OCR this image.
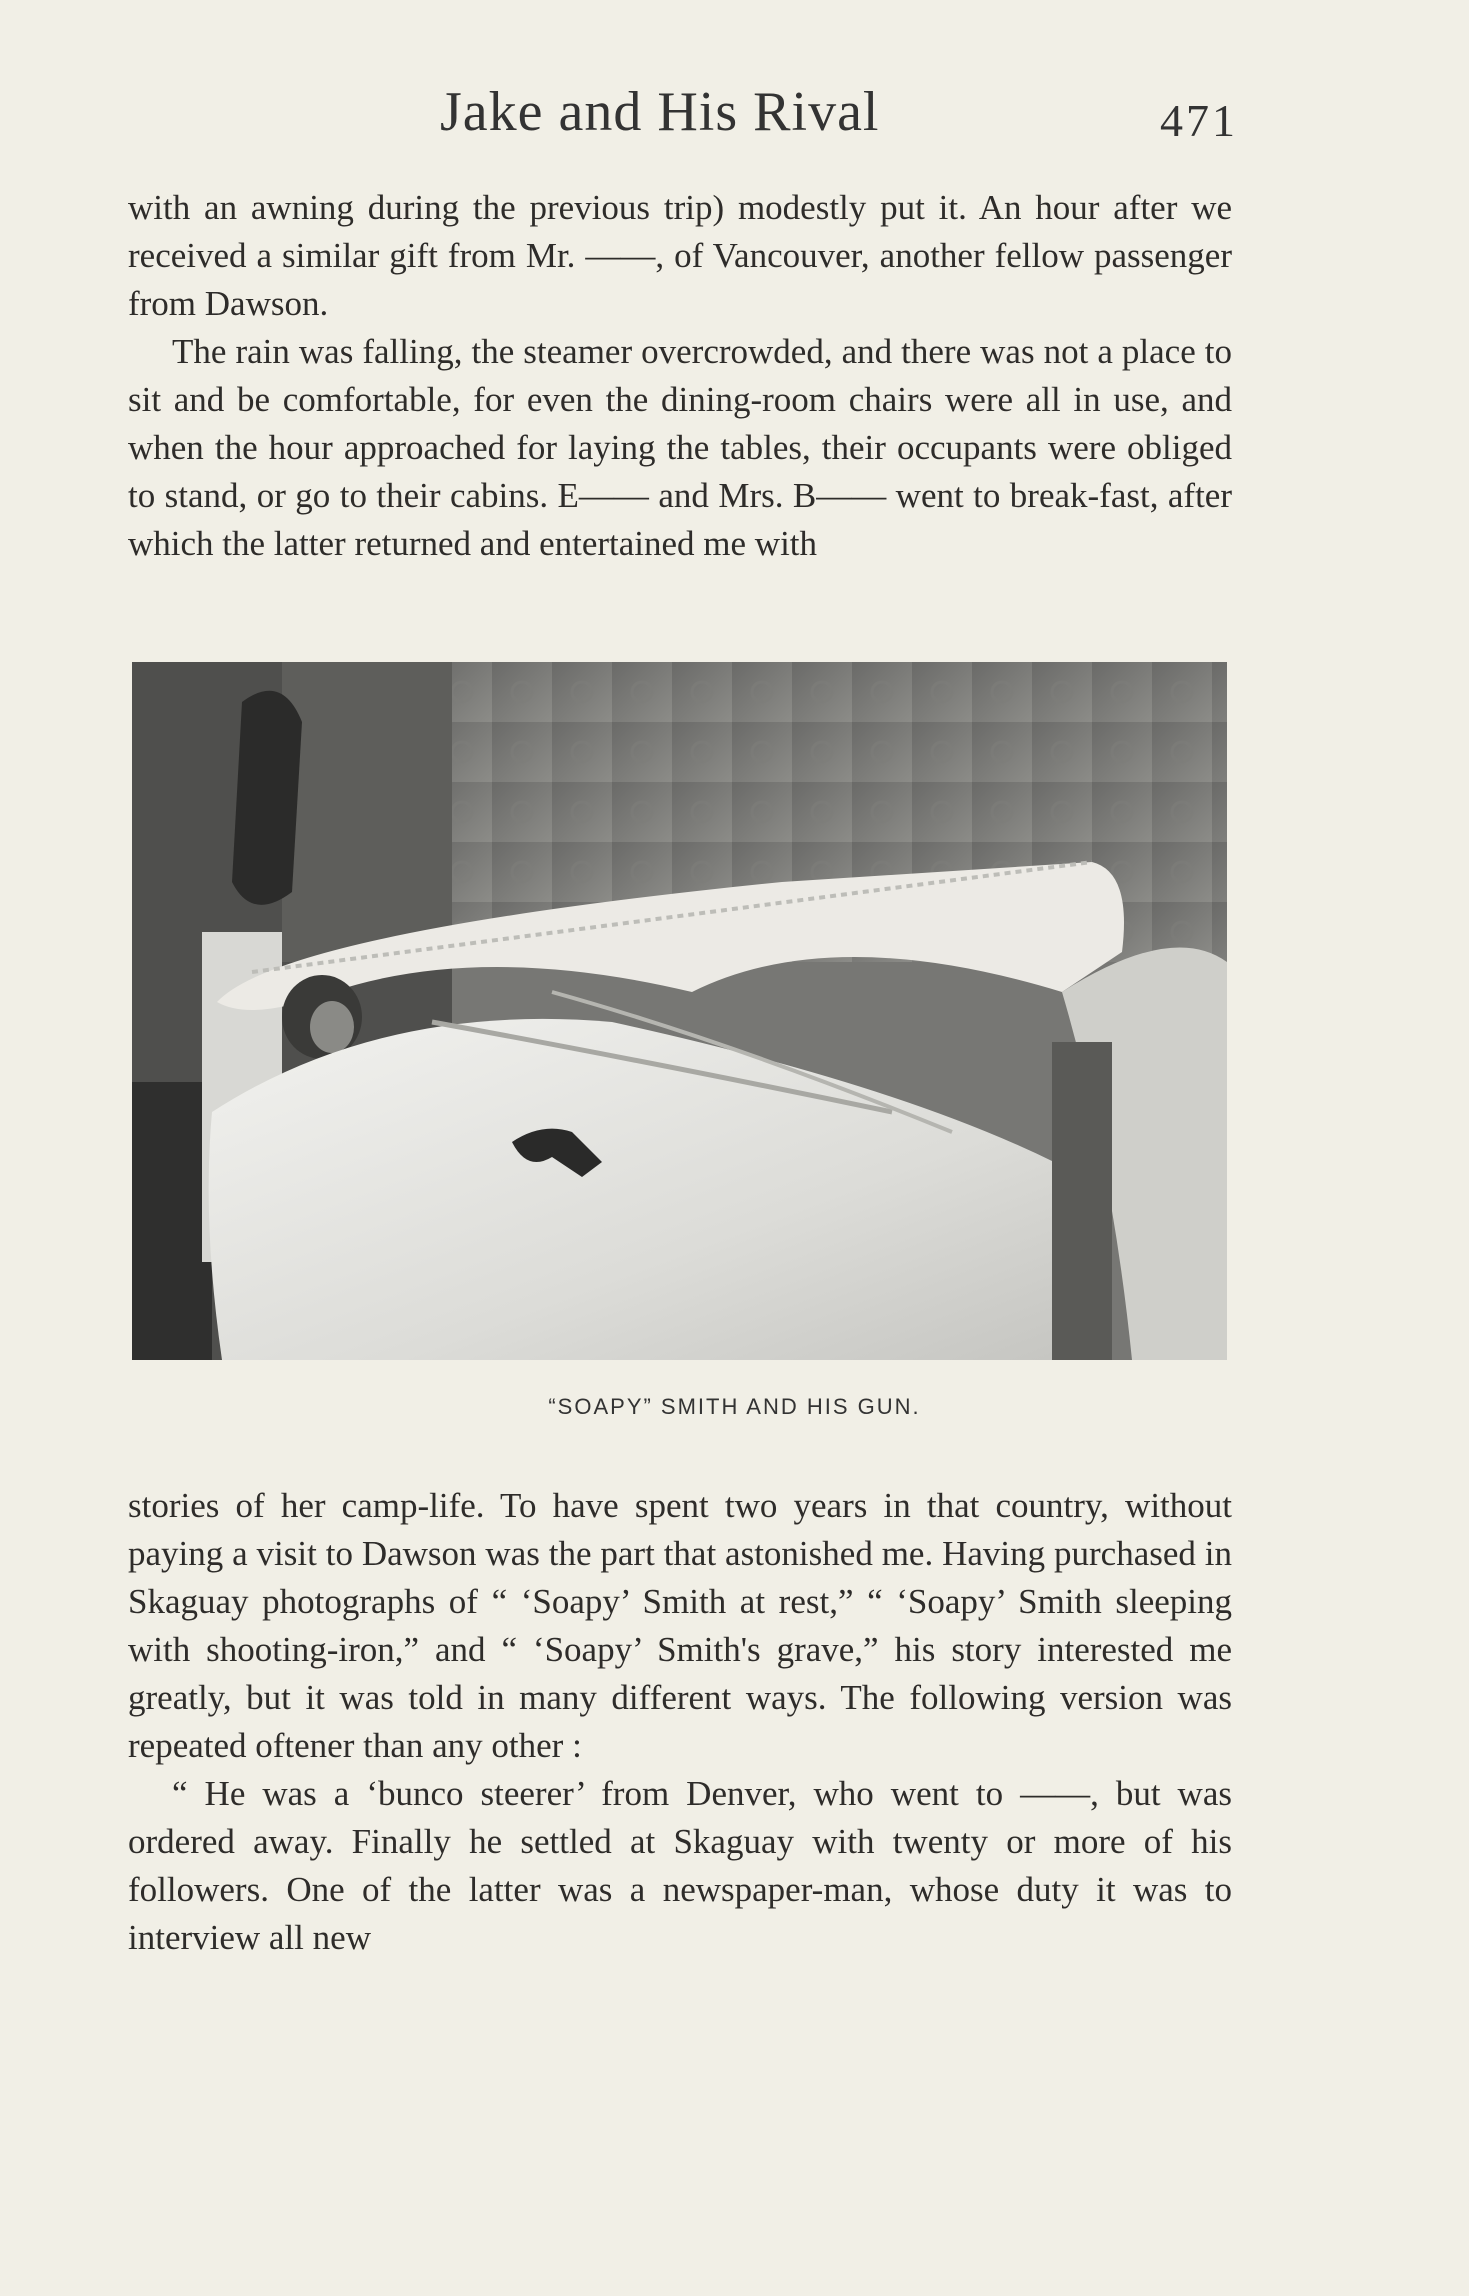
Jake and His Rival	471

with an awning during the previous trip) modestly put it. An hour after we received a similar gift from Mr. ——, of Vancouver, another fellow passenger from Dawson.

The rain was falling, the steamer overcrowded, and there was not a place to sit and be comfortable, for even the dining-room chairs were all in use, and when the hour approached for laying the tables, their occupants were obliged to stand, or go to their cabins. E—— and Mrs. B—— went to break-fast, after which the latter returned and entertained me with

“SOAPY” SMITH AND HIS GUN.

stories of her camp-life. To have spent two years in that country, without paying a visit to Dawson was the part that astonished me. Having purchased in Skaguay photographs of “ ‘Soapy’ Smith at rest,” “ ‘Soapy’ Smith sleeping with shooting-iron,” and “ ‘Soapy’ Smith's grave,” his story interested me greatly, but it was told in many different ways. The following version was repeated oftener than any other :

“ He was a ‘bunco steerer’ from Denver, who went to ——, but was ordered away. Finally he settled at Skaguay with twenty or more of his followers. One of the latter was a newspaper-man, whose duty it was to interview all new
